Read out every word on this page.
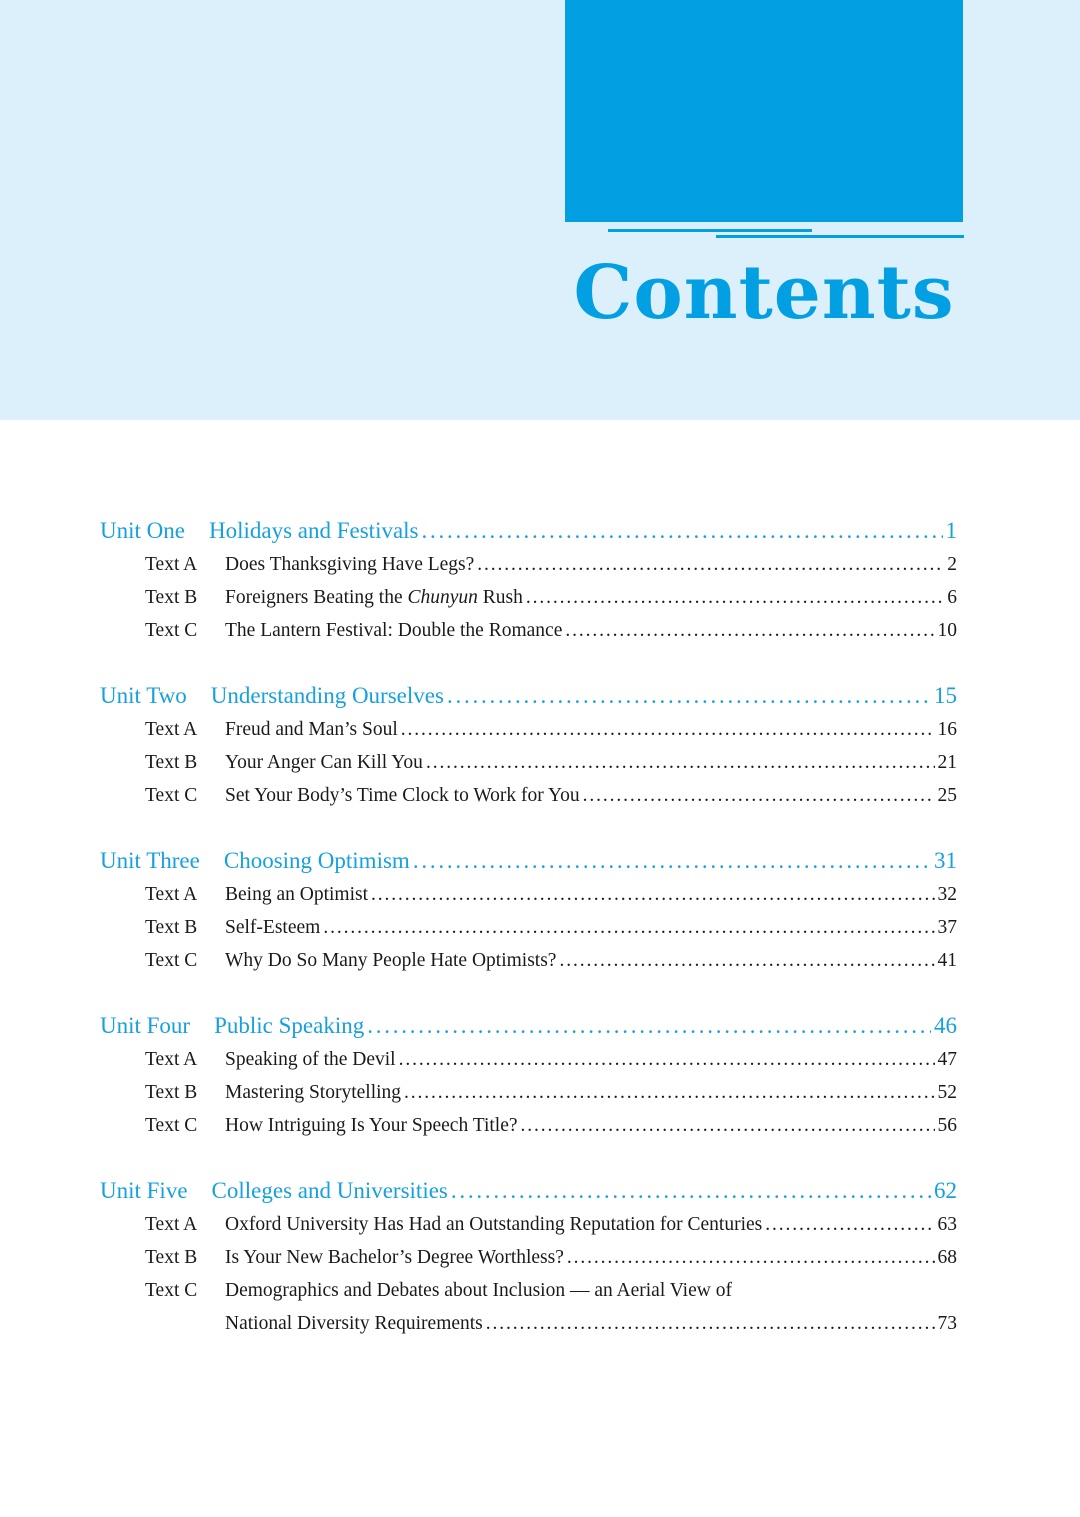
Contents
Unit One Holidays and Festivals . . .	1
Text A	Does Thanksgiving Have Legs? . . .	2
Text B	Foreigners Beating the Chunyun Rush . . .	6
Text C	The Lantern Festival: Double the Romance . . .	10
Unit Two Understanding Ourselves . . .	15
Text A	Freud and Man’s Soul . . .	16
Text B	Your Anger Can Kill You . . .	21
Text C	Set Your Body’s Time Clock to Work for You . . .	25
Unit Three Choosing Optimism . . .	31
Text A	Being an Optimist . . .	32
Text B	Self-Esteem . . .	37
Text C	Why Do So Many People Hate Optimists? . . .	41
Unit Four Public Speaking . . .	46
Text A	Speaking of the Devil . . .	47
Text B	Mastering Storytelling . . .	52
Text C	How Intriguing Is Your Speech Title? . . .	56
Unit Five Colleges and Universities . . .	62
Text A	Oxford University Has Had an Outstanding Reputation for Centuries . . .	63
Text B	Is Your New Bachelor’s Degree Worthless? . . .	68
Text C	Demographics and Debates about Inclusion — an Aerial View of
National Diversity Requirements . . .	73
